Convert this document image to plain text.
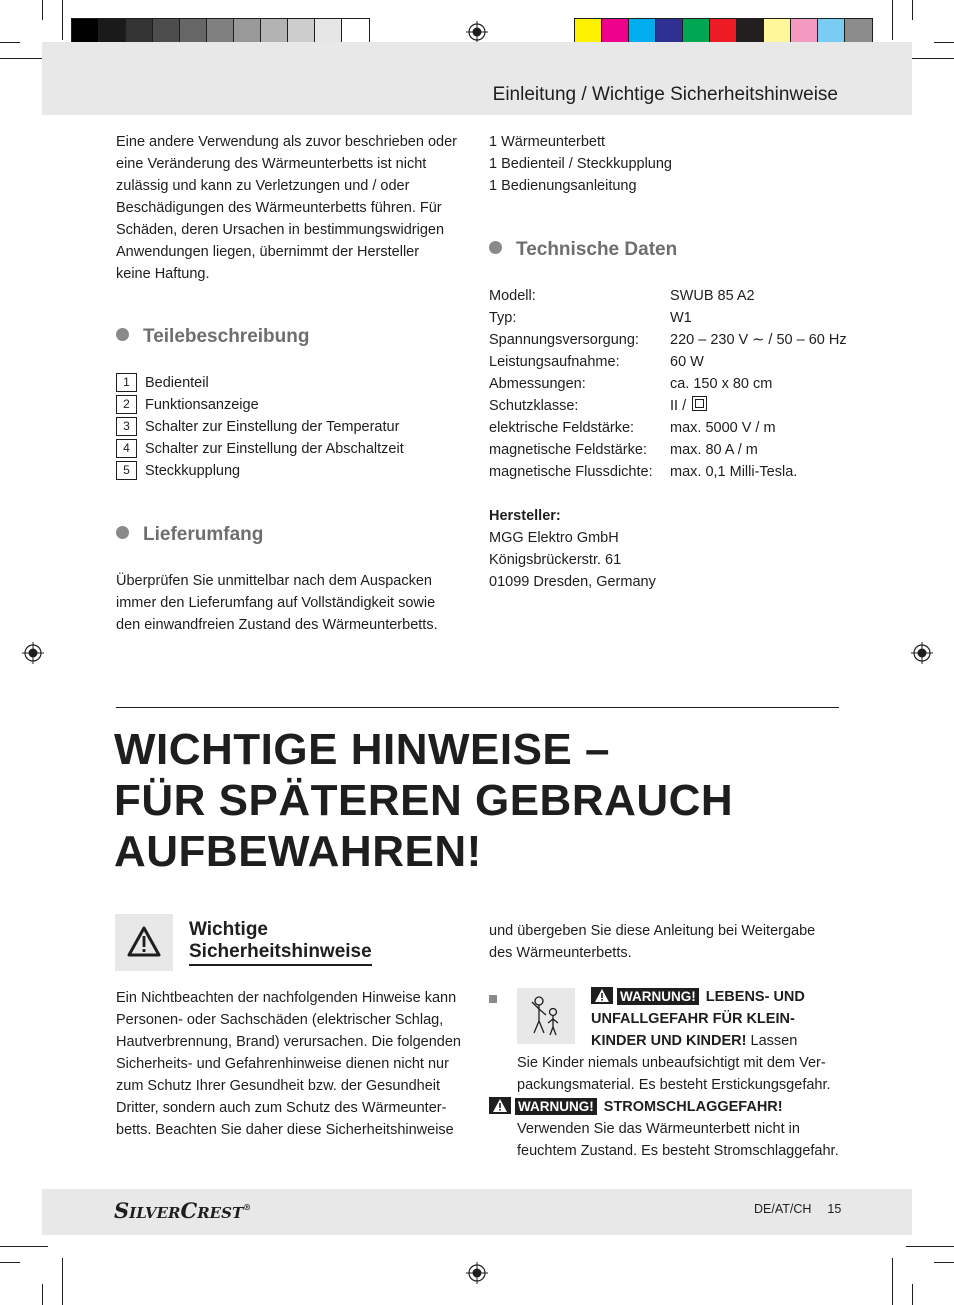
Einleitung / Wichtige Sicherheitshinweise
Eine andere Verwendung als zuvor beschrieben oder
eine Veränderung des Wärmeunterbetts ist nicht
zulässig und kann zu Verletzungen und / oder
Beschädigungen des Wärmeunterbetts führen. Für
Schäden, deren Ursachen in bestimmungswidrigen
Anwendungen liegen, übernimmt der Hersteller
keine Haftung.
Teilebeschreibung
1 Bedienteil
2 Funktionsanzeige
3 Schalter zur Einstellung der Temperatur
4 Schalter zur Einstellung der Abschaltzeit
5 Steckkupplung
Lieferumfang
Überprüfen Sie unmittelbar nach dem Auspacken
immer den Lieferumfang auf Vollständigkeit sowie
den einwandfreien Zustand des Wärmeunterbetts.
1 Wärmeunterbett
1 Bedienteil / Steckkupplung
1 Bedienungsanleitung
Technische Daten
Modell:	SWUB 85 A2
Typ:	W1
Spannungsversorgung: 220 – 230 V ∼ / 50 – 60 Hz
Leistungsaufnahme:	60 W
Abmessungen:	ca. 150 x 80 cm
Schutzklasse:	II /
elektrische Feldstärke: max. 5000 V / m
magnetische Feldstärke: max. 80 A / m
magnetische Flussdichte: max. 0,1 Milli-Tesla.
Hersteller:
MGG Elektro GmbH
Königsbrückerstr. 61
01099 Dresden, Germany
WICHTIGE HINWEISE –
FÜR SPÄTEREN GEBRAUCH
AUFBEWAHREN!
Wichtige
Sicherheitshinweise
Ein Nichtbeachten der nachfolgenden Hinweise kann
Personen- oder Sachschäden (elektrischer Schlag,
Hautverbrennung, Brand) verursachen. Die folgenden
Sicherheits- und Gefahrenhinweise dienen nicht nur
zum Schutz Ihrer Gesundheit bzw. der Gesundheit
Dritter, sondern auch zum Schutz des Wärmeunter-
betts. Beachten Sie daher diese Sicherheitshinweise
und übergeben Sie diese Anleitung bei Weitergabe
des Wärmeunterbetts.
WARNUNG! LEBENS- UND
UNFALLGEFAHR FÜR KLEIN-
KINDER UND KINDER! Lassen
Sie Kinder niemals unbeaufsichtigt mit dem Ver-
packungsmaterial. Es besteht Erstickungsgefahr.
WARNUNG! STROMSCHLAGGEFAHR!
Verwenden Sie das Wärmeunterbett nicht in
feuchtem Zustand. Es besteht Stromschlaggefahr.
SILVERCREST®	DE/AT/CH 15
